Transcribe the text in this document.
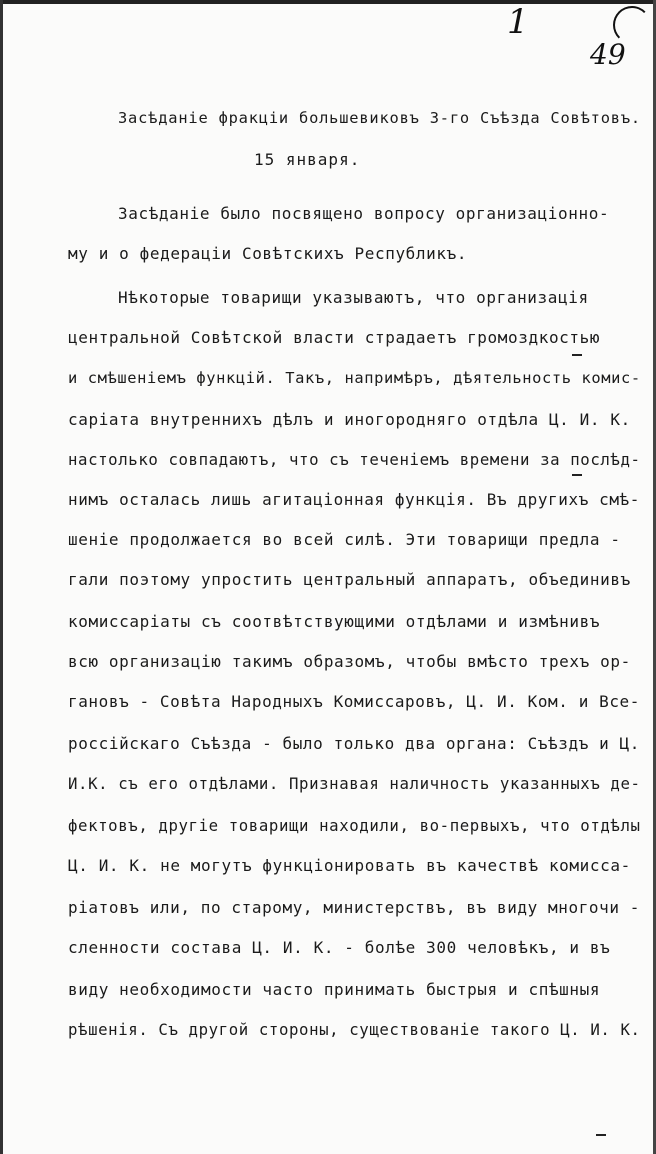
1
49
Засѣданіе фракціи большевиковъ 3-го Съѣзда Совѣтовъ.
15 января.
Засѣданіе было посвящено вопросу организаціонно-
му и о федераціи Совѣтскихъ Республикъ.
Нѣкоторые товарищи указываютъ, что организація
центральной Совѣтской власти страдаетъ громоздкостью
и смѣшеніемъ функцій. Такъ, напримѣръ, дѣятельность комис-
саріата внутреннихъ дѣлъ и иногородняго отдѣла Ц. И. К.
настолько совпадаютъ, что съ теченіемъ времени за послѣд-
нимъ осталась лишь агитаціонная функція. Въ другихъ смѣ-
шеніе продолжается во всей силѣ. Эти товарищи предла -
гали поэтому упростить центральный аппаратъ, объединивъ
комиссаріаты съ соотвѣтствующими отдѣлами и измѣнивъ
всю организацію такимъ образомъ, чтобы вмѣсто трехъ ор-
гановъ - Совѣта Народныхъ Комиссаровъ, Ц. И. Ком. и Все-
россійскаго Съѣзда - было только два органа: Съѣздъ и Ц.
И.К. съ его отдѣлами. Признавая наличность указанныхъ де-
фектовъ, другіе товарищи находили, во-первыхъ, что отдѣлы
Ц. И. К. не могутъ функціонировать въ качествѣ комисса-
ріатовъ или, по старому, министерствъ, въ виду многочи -
сленности состава Ц. И. К. - болѣе 300 человѣкъ, и въ
виду необходимости часто принимать быстрыя и спѣшныя
рѣшенія. Съ другой стороны, существованіе такого Ц. И. К.
